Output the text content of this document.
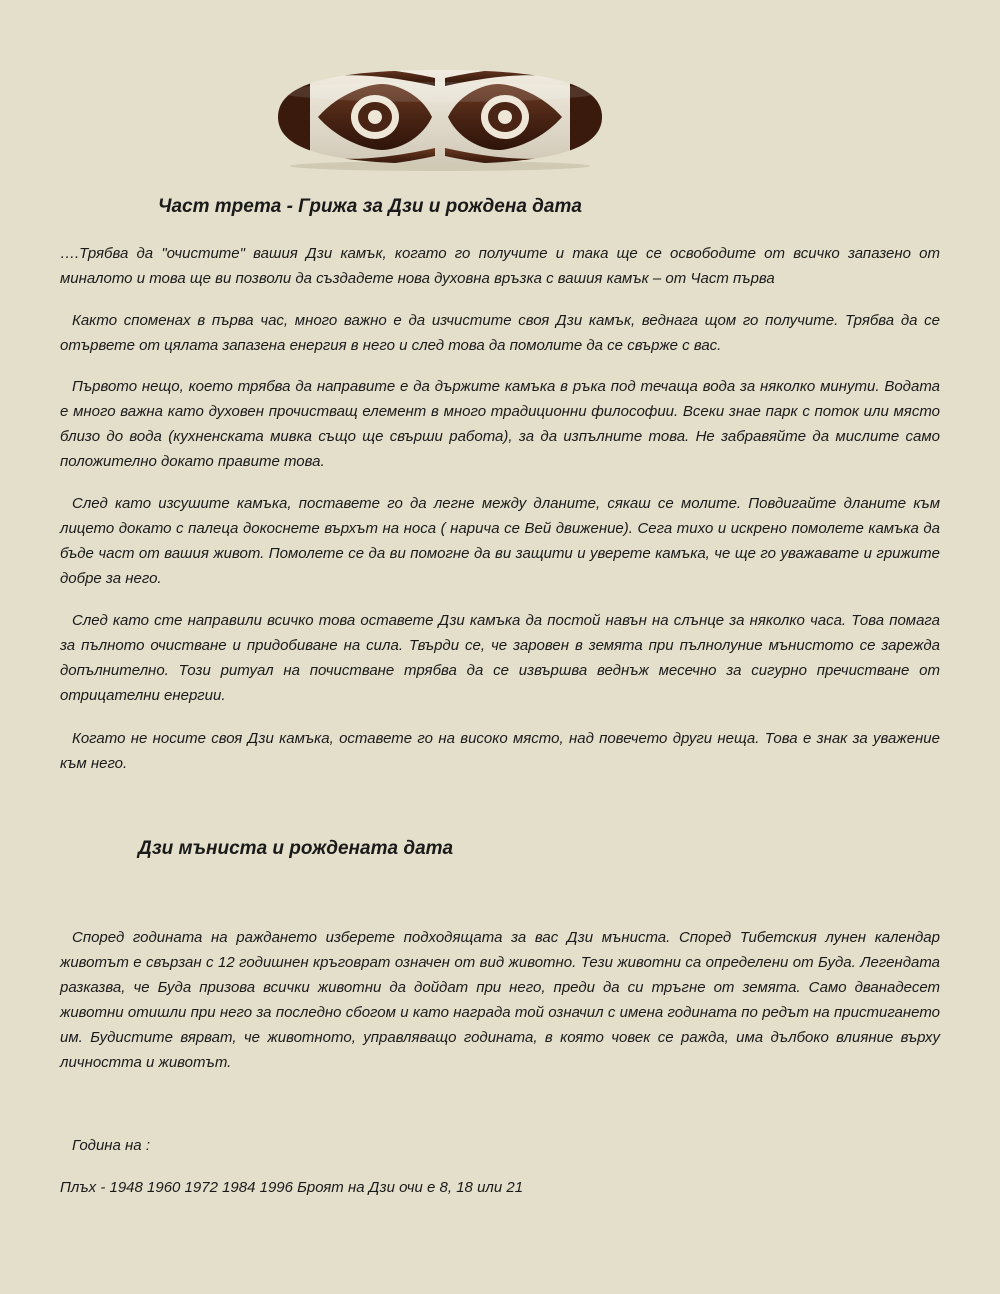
Част трета - Грижа за Дзи и рождена дата

….Трябва да "очистите" вашия Дзи камък, когато го получите и така ще се освободите от всичко запазено от миналото и това ще ви позволи да създадете нова духовна връзка с вашия камък – от Част първа

Както споменах в първа час, много важно е да изчистите своя Дзи камък, веднага щом го получите. Трябва да се отървете от цялата запазена енергия в него и след това да помолите да се свърже с вас.

Първото нещо, което трябва да направите е да държите камъка в ръка под течаща вода за няколко минути. Водата е много важна като духовен прочистващ елемент в много традиционни философии. Всеки знае парк с поток или място близо до вода (кухненската мивка също ще свърши работа), за да изпълните това. Не забравяйте да мислите само положително докато правите това.

След като изсушите камъка, поставете го да легне между дланите, сякаш се молите. Повдигайте дланите към лицето докато с палеца докоснете върхът на носа ( нарича се Вей движение). Сега тихо и искрено помолете камъка да бъде част от вашия живот. Помолете се да ви помогне да ви защити и уверете камъка, че ще го уважавате и грижите добре за него.

След като сте направили всичко това оставете Дзи камъка да постой навън на слънце за няколко часа. Това помага за пълното очистване и придобиване на сила. Твърди се, че заровен в земята при пълнолуние мънистото се зарежда допълнително. Този ритуал на почистване трябва да се извършва веднъж месечно за сигурно пречистване от отрицателни енергии.

Когато не носите своя Дзи камъка, оставете го на високо място, над повечето други неща. Това е знак за уважение към него.

Дзи мъниста и рождената дата

Според годината на раждането изберете подходящата за вас Дзи мъниста. Според Тибетския лунен календар животът е свързан с 12 годишнен кръговрат означен от вид животно. Тези животни са определени от Буда. Легендата разказва, че Буда призова всички животни да дойдат при него, преди да си тръгне от земята. Само дванадесет животни отишли при него за последно сбогом и като награда той означил с имена годината по редът на пристигането им. Будистите вярват, че животното, управляващо годината, в която човек се ражда, има дълбоко влияние върху личността и животът.

Година на :

Плъх - 1948 1960 1972 1984 1996 Броят на Дзи очи е 8, 18 или 21
